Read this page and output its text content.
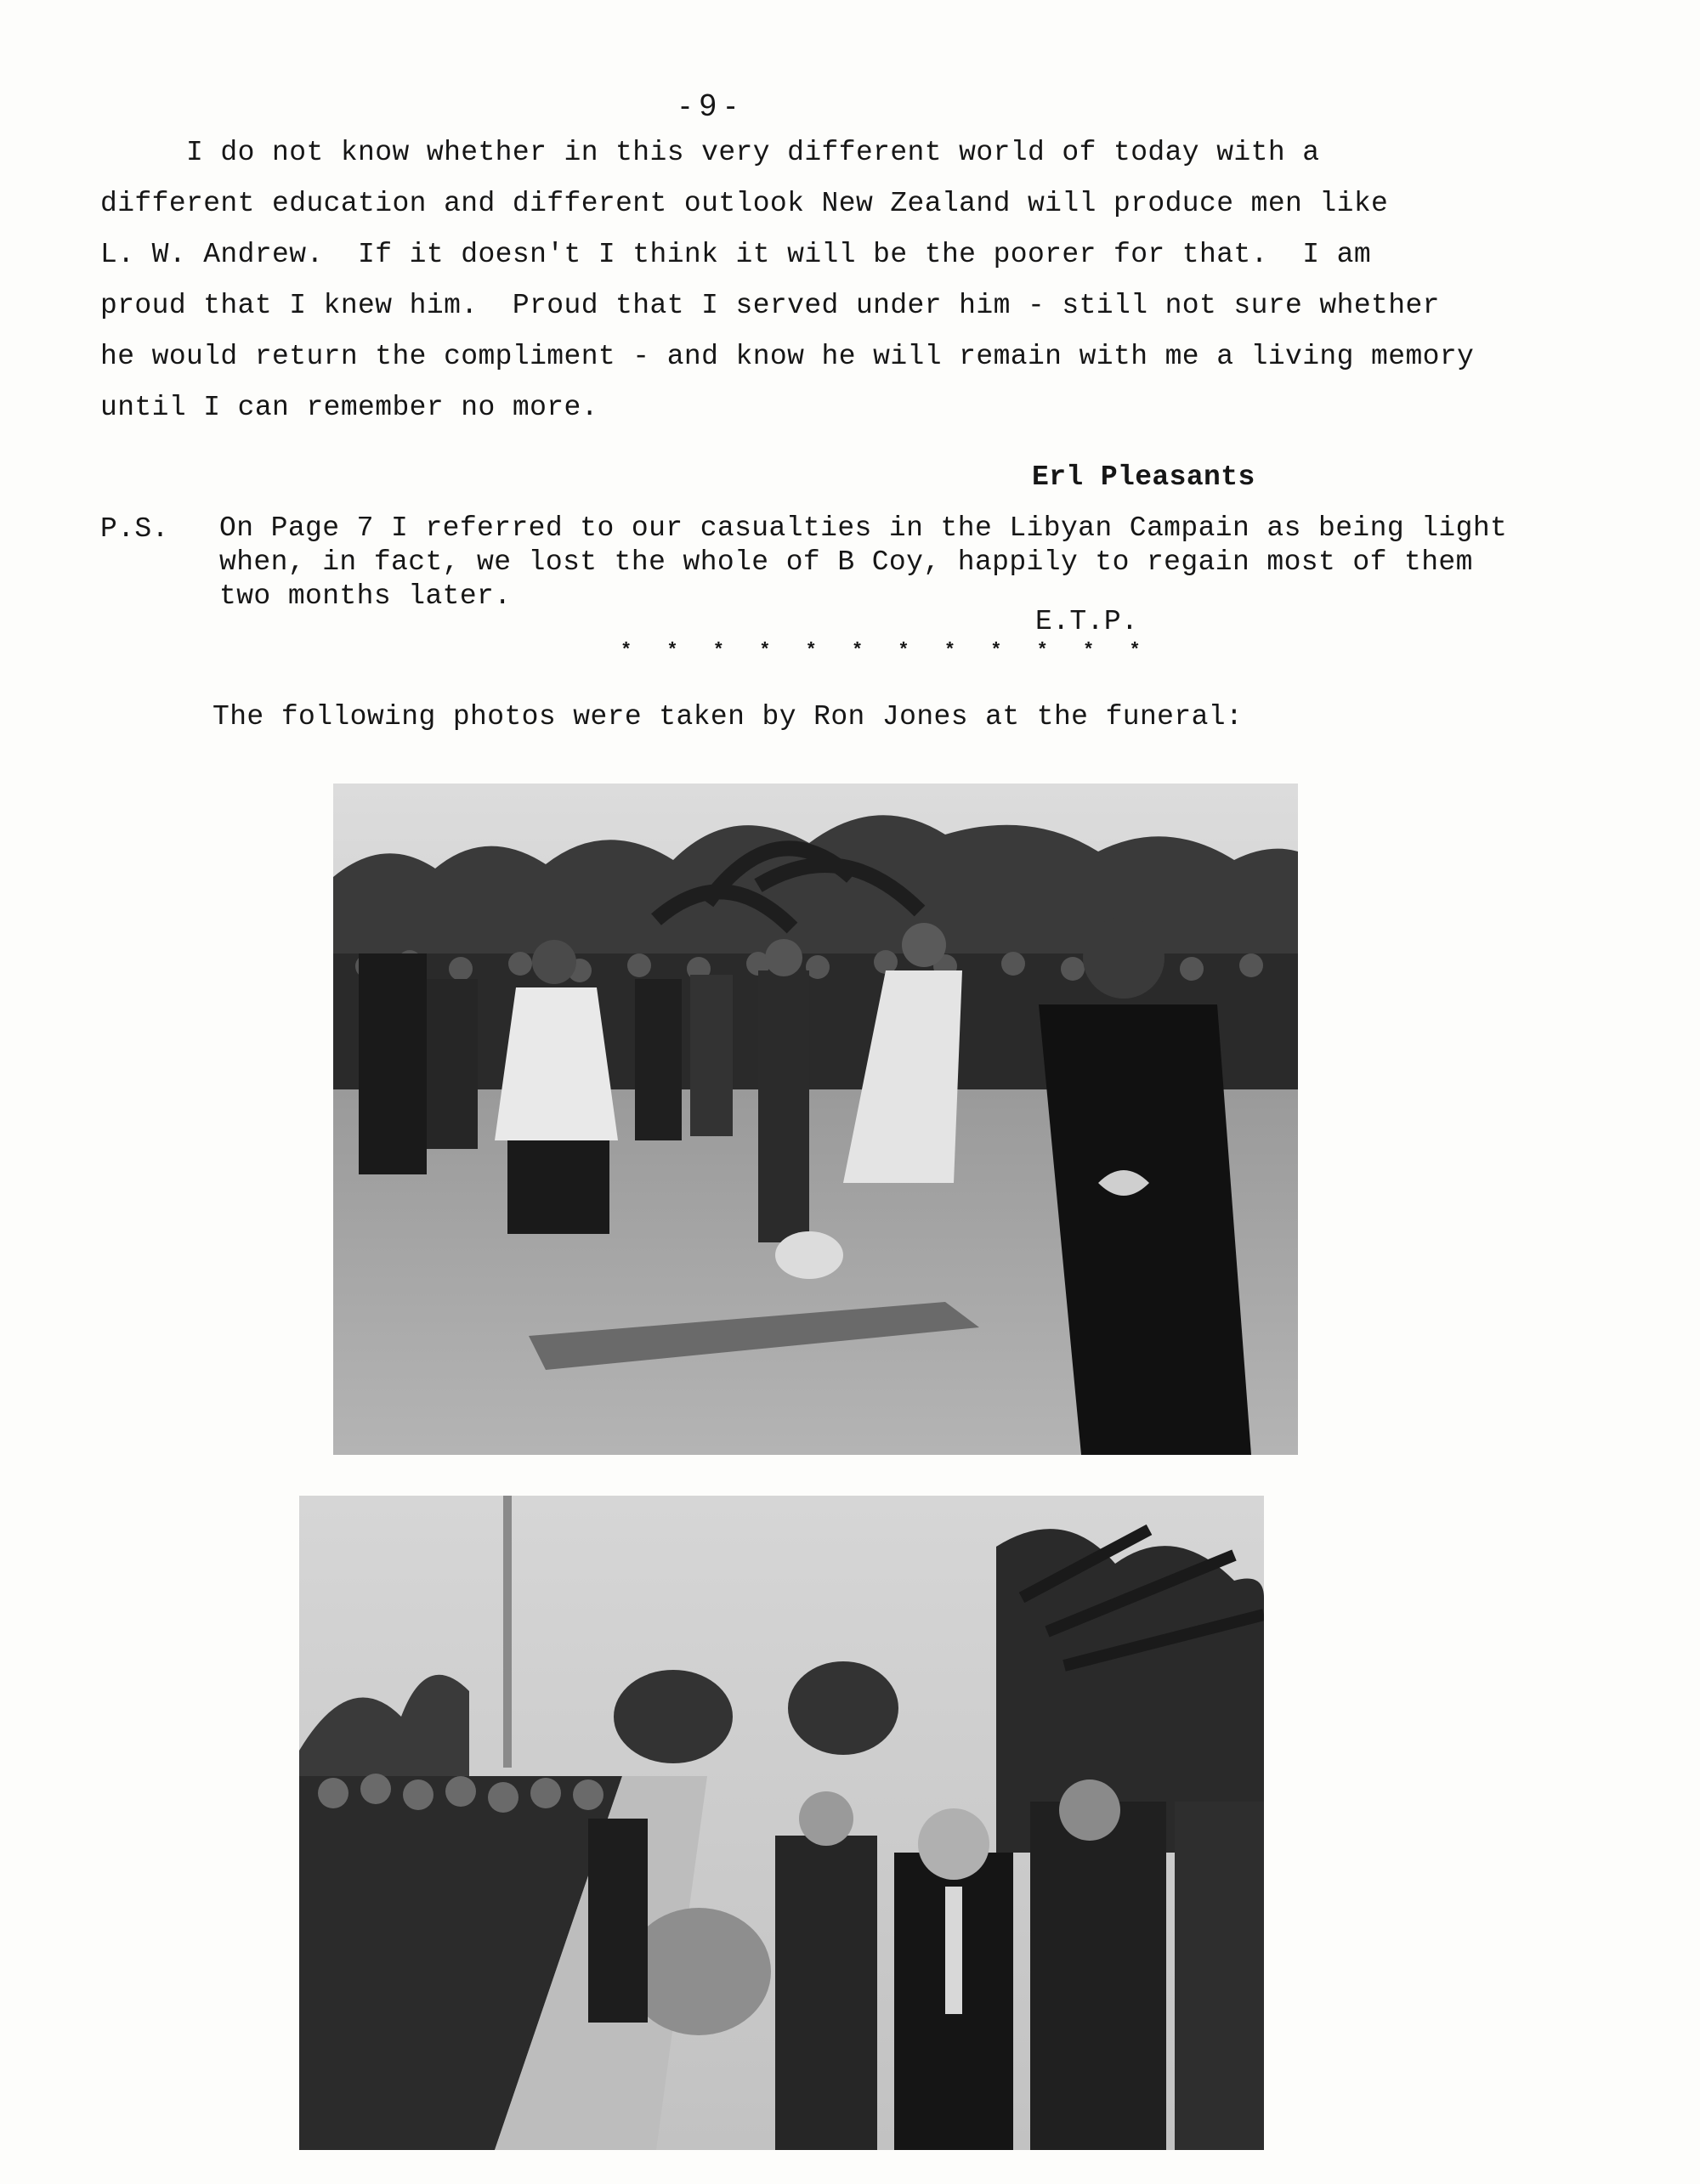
- 9 -
I do not know whether in this very different world of today with a
different education and different outlook New Zealand will produce men like
L. W. Andrew.  If it doesn't I think it will be the poorer for that.  I am
proud that I knew him.  Proud that I served under him - still not sure whether
he would return the compliment - and know he will remain with me a living memory
until I can remember no more.
Erl Pleasants
P.S. On Page 7 I referred to our casualties in the Libyan Campain as being light
when, in fact, we lost the whole of B Coy, happily to regain most of them
two months later.
E.T.P.
* * * * * * * * * * * *
The following photos were taken by Ron Jones at the funeral:
